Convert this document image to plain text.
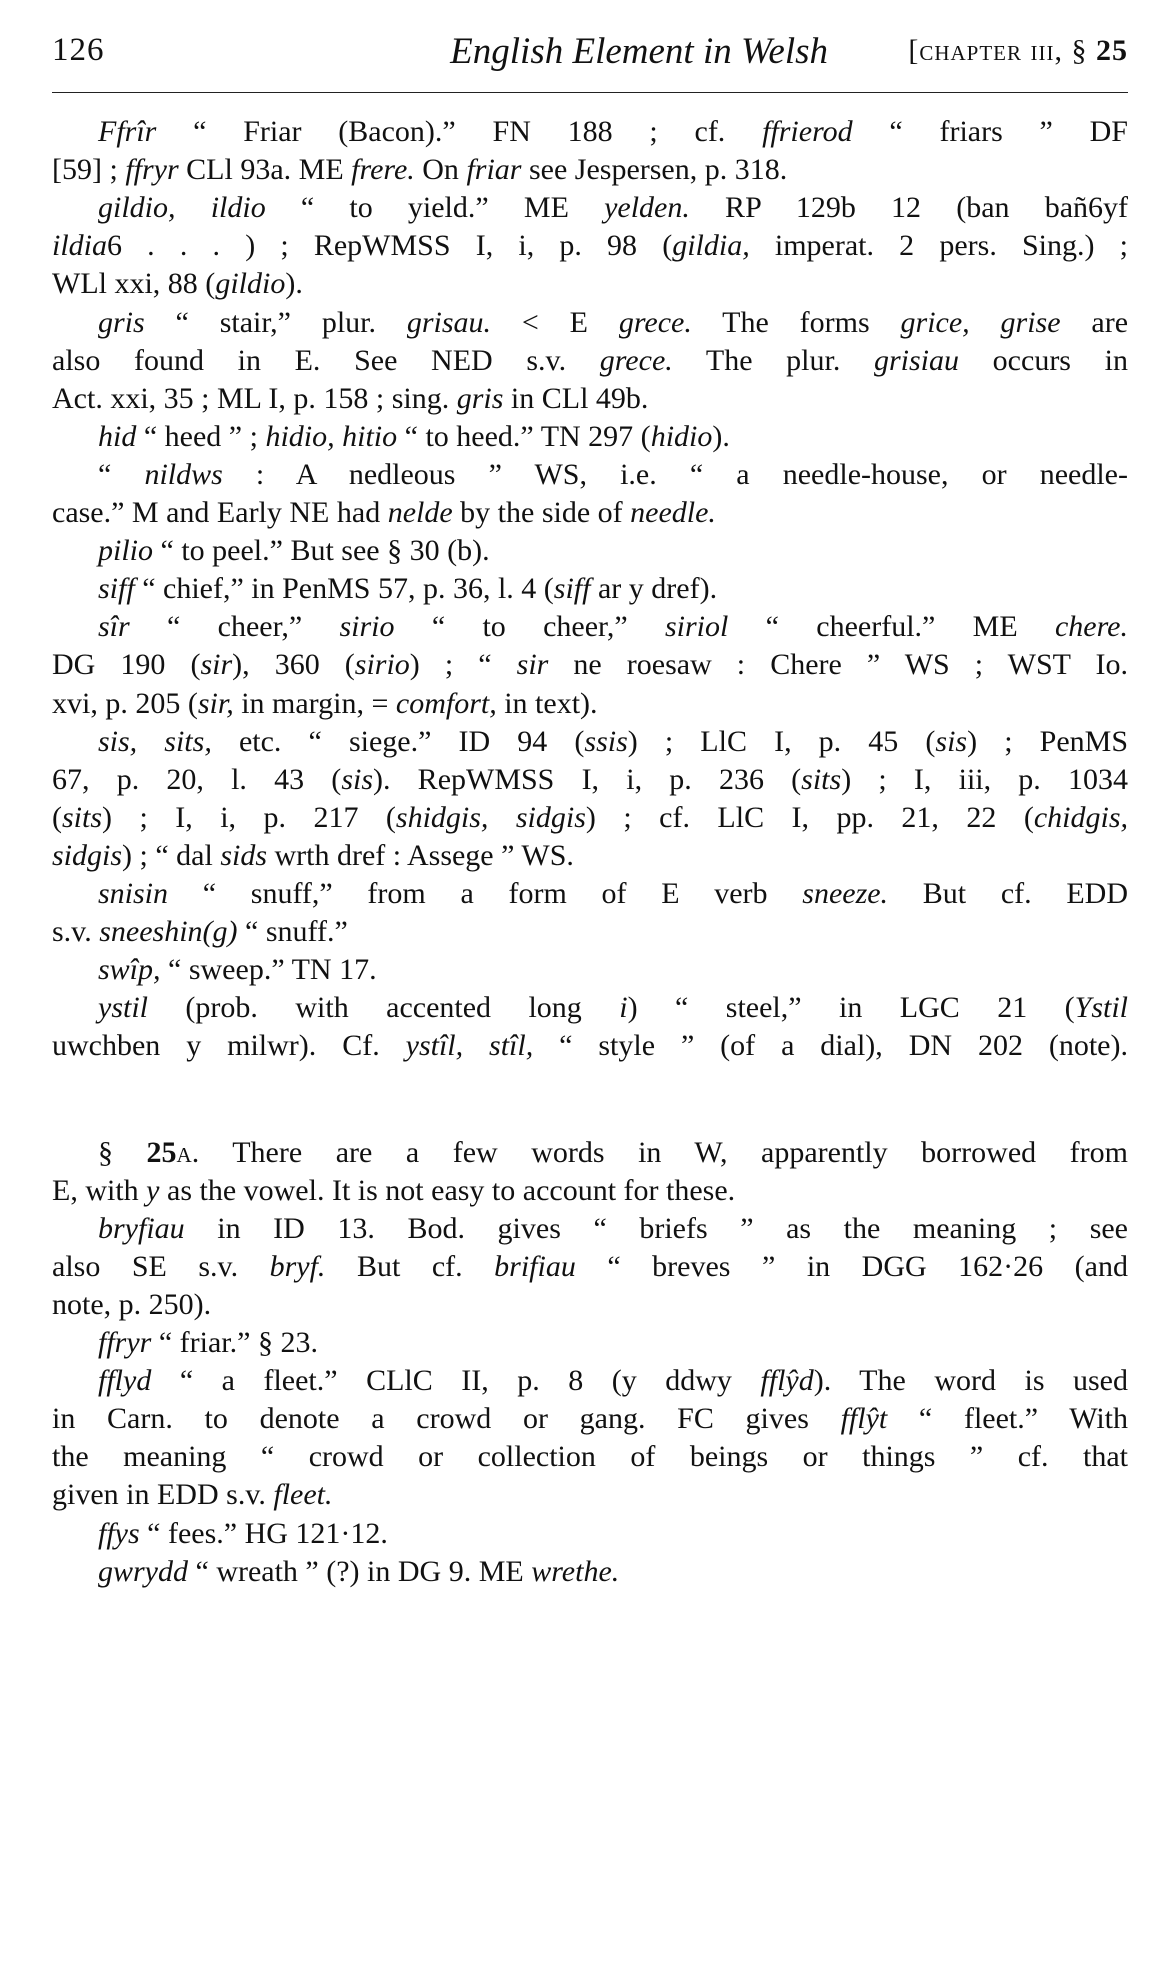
126	English Element in Welsh	[chapter iii, § 25
Ffrîr “ Friar (Bacon).” FN 188 ; cf. ffrierod “ friars ” DF
[59] ; ffryr CLl 93a. ME frere. On friar see Jespersen, p. 318.
gildio, ildio “ to yield.” ME yelden. RP 129b 12 (ban bañ6yf
ildia6 . . . ) ; RepWMSS I, i, p. 98 (gildia, imperat. 2 pers. Sing.) ;
WLl xxi, 88 (gildio).
gris “ stair,” plur. grisau. < E grece. The forms grice, grise are
also found in E. See NED s.v. grece. The plur. grisiau occurs in
Act. xxi, 35 ; ML I, p. 158 ; sing. gris in CLl 49b.
hid “ heed ” ; hidio, hitio “ to heed.” TN 297 (hidio).
“ nildws : A nedleous ” WS, i.e. “ a needle-house, or needle-
case.” M and Early NE had nelde by the side of needle.
pilio “ to peel.” But see § 30 (b).
siff “ chief,” in PenMS 57, p. 36, l. 4 (siff ar y dref).
sîr “ cheer,” sirio “ to cheer,” siriol “ cheerful.” ME chere.
DG 190 (sir), 360 (sirio) ; “ sir ne roesaw : Chere ” WS ; WST Io.
xvi, p. 205 (sir, in margin, = comfort, in text).
sis, sits, etc. “ siege.” ID 94 (ssis) ; LlC I, p. 45 (sis) ; PenMS
67, p. 20, l. 43 (sis). RepWMSS I, i, p. 236 (sits) ; I, iii, p. 1034
(sits) ; I, i, p. 217 (shidgis, sidgis) ; cf. LlC I, pp. 21, 22 (chidgis,
sidgis) ; “ dal sids wrth dref : Assege ” WS.
snisin “ snuff,” from a form of E verb sneeze. But cf. EDD
s.v. sneeshin(g) “ snuff.”
swîp, “ sweep.” TN 17.
ystil (prob. with accented long i) “ steel,” in LGC 21 (Ystil
uwchben y milwr). Cf. ystîl, stîl, “ style ” (of a dial), DN 202 (note).
§ 25a. There are a few words in W, apparently borrowed from
E, with y as the vowel. It is not easy to account for these.
bryfiau in ID 13. Bod. gives “ briefs ” as the meaning ; see
also SE s.v. bryf. But cf. brifiau “ breves ” in DGG 162·26 (and
note, p. 250).
ffryr “ friar.” § 23.
fflyd “ a fleet.” CLlC II, p. 8 (y ddwy fflŷd). The word is used
in Carn. to denote a crowd or gang. FC gives fflŷt “ fleet.” With
the meaning “ crowd or collection of beings or things ” cf. that
given in EDD s.v. fleet.
ffys “ fees.” HG 121·12.
gwrydd “ wreath ” (?) in DG 9. ME wrethe.
